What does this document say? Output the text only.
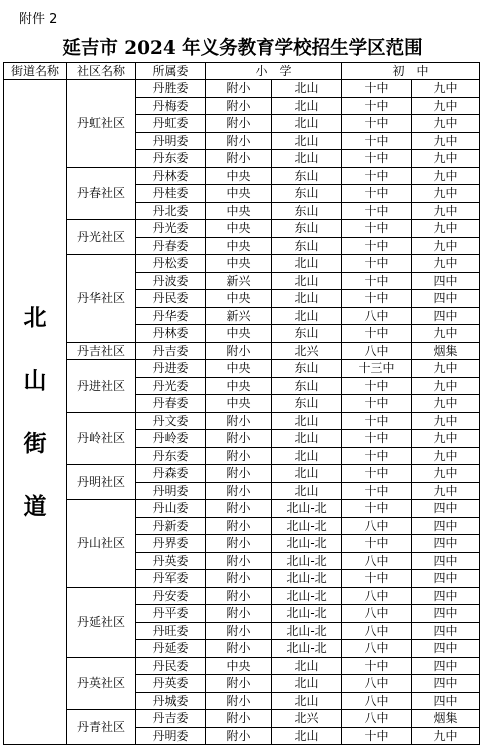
附件 2
延吉市 2024 年义务教育学校招生学区范围
街道名称	社区名称	所属委	小　学		初　中	

北
山
街
道	丹虹社区	丹胜委	附小	北山	十中	九中
		丹梅委	附小	北山	十中	九中
		丹虹委	附小	北山	十中	九中
		丹明委	附小	北山	十中	九中
		丹东委	附小	北山	十中	九中
	丹春社区	丹林委	中央	东山	十中	九中
		丹桂委	中央	东山	十中	九中
		丹北委	中央	东山	十中	九中
	丹光社区	丹光委	中央	东山	十中	九中
		丹春委	中央	东山	十中	九中
	丹华社区	丹松委	中央	北山	十中	九中
		丹波委	新兴	北山	十中	四中
		丹民委	中央	北山	十中	四中
		丹华委	新兴	北山	八中	四中
		丹林委	中央	东山	十中	九中
	丹吉社区	丹吉委	附小	北兴	八中	烟集
	丹进社区	丹进委	中央	东山	十三中	九中
		丹光委	中央	东山	十中	九中
		丹春委	中央	东山	十中	九中
	丹岭社区	丹文委	附小	北山	十中	九中
		丹岭委	附小	北山	十中	九中
		丹东委	附小	北山	十中	九中
	丹明社区	丹森委	附小	北山	十中	九中
		丹明委	附小	北山	十中	九中
	丹山社区	丹山委	附小	北山-北	十中	四中
		丹新委	附小	北山-北	八中	四中
		丹界委	附小	北山-北	十中	四中
		丹英委	附小	北山-北	八中	四中
		丹军委	附小	北山-北	十中	四中
	丹延社区	丹安委	附小	北山-北	八中	四中
		丹平委	附小	北山-北	八中	四中
		丹旺委	附小	北山-北	八中	四中
		丹延委	附小	北山-北	八中	四中
	丹英社区	丹民委	中央	北山	十中	四中
		丹英委	附小	北山	八中	四中
		丹城委	附小	北山	八中	四中
	丹青社区	丹吉委	附小	北兴	八中	烟集
		丹明委	附小	北山	十中	九中
